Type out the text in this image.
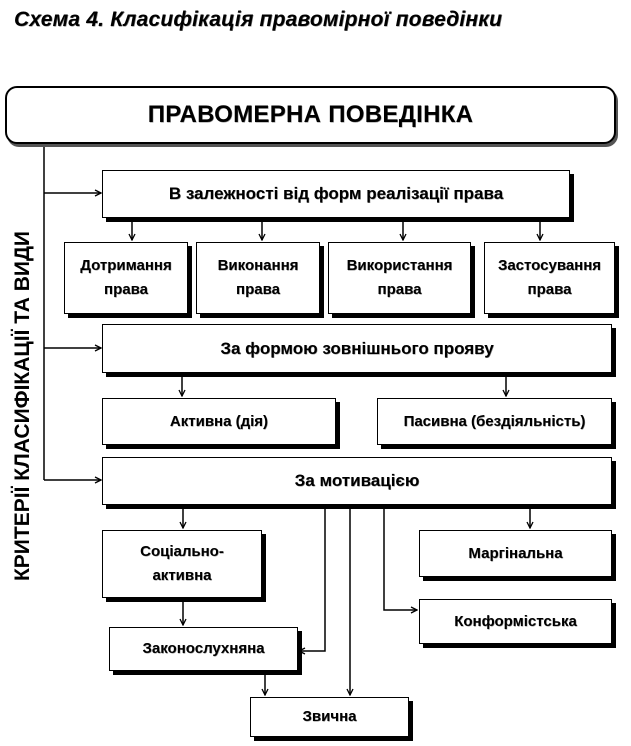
Схема 4. Класифікація правомірної поведінки
ПРАВОМЕРНА ПОВЕДІНКА
КРИТЕРІЇ КЛАСИФІКАЦІЇ ТА ВИДИ
В залежності від форм реалізації права
Дотримання права
Виконання права
Використання права
Застосування права
За формою зовнішнього прояву
Активна (дія)	Пасивна (бездіяльність)
За мотивацією
Соціально-активна
Законослухняна
Звична
Маргінальна
Конформістська
